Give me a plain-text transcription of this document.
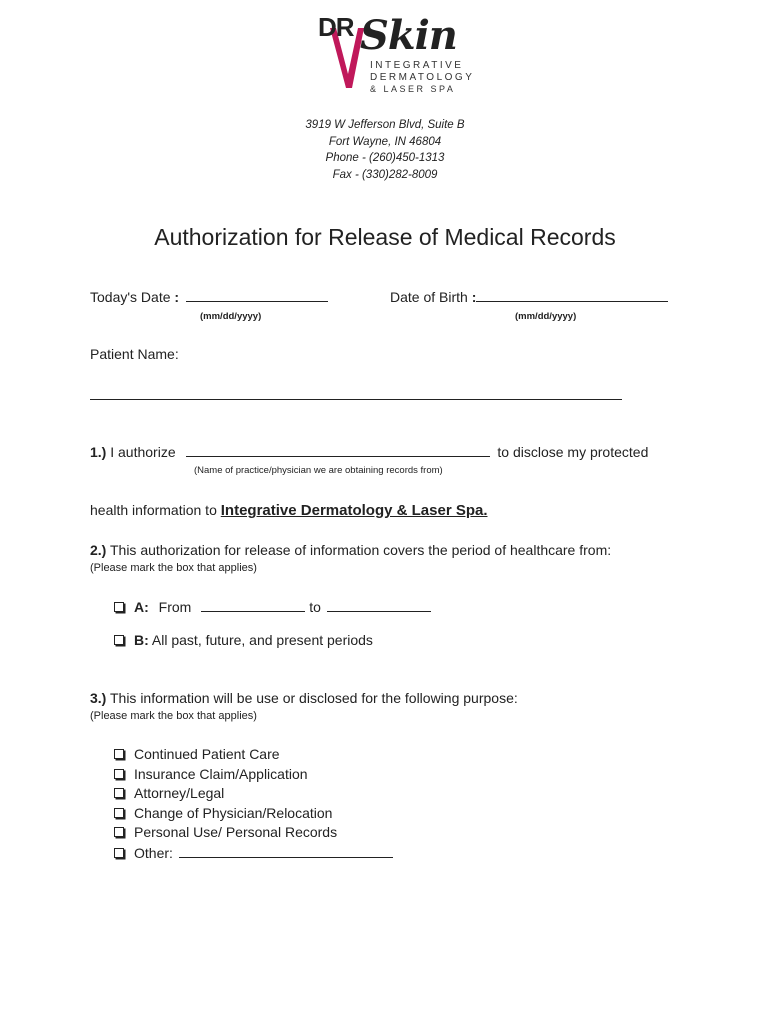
DR Skin
INTEGRATIVE
DERMATOLOGY
& LASER SPA
3919 W Jefferson Blvd, Suite B
Fort Wayne, IN 46804
Phone - (260)450-1313
Fax - (330)282-8009
Authorization for Release of Medical Records
Today's Date :
(mm/dd/yyyy)
Date of Birth :
(mm/dd/yyyy)
Patient Name:
1.) I authorize	to disclose my protected
(Name of practice/physician we are obtaining records from)
health information to Integrative Dermatology & Laser Spa.
2.) This authorization for release of information covers the period of healthcare from:
(Please mark the box that applies)
A: From	to
B: All past, future, and present periods
3.) This information will be use or disclosed for the following purpose:
(Please mark the box that applies)
Continued Patient Care
Insurance Claim/Application
Attorney/Legal
Change of Physician/Relocation
Personal Use/ Personal Records
Other:
